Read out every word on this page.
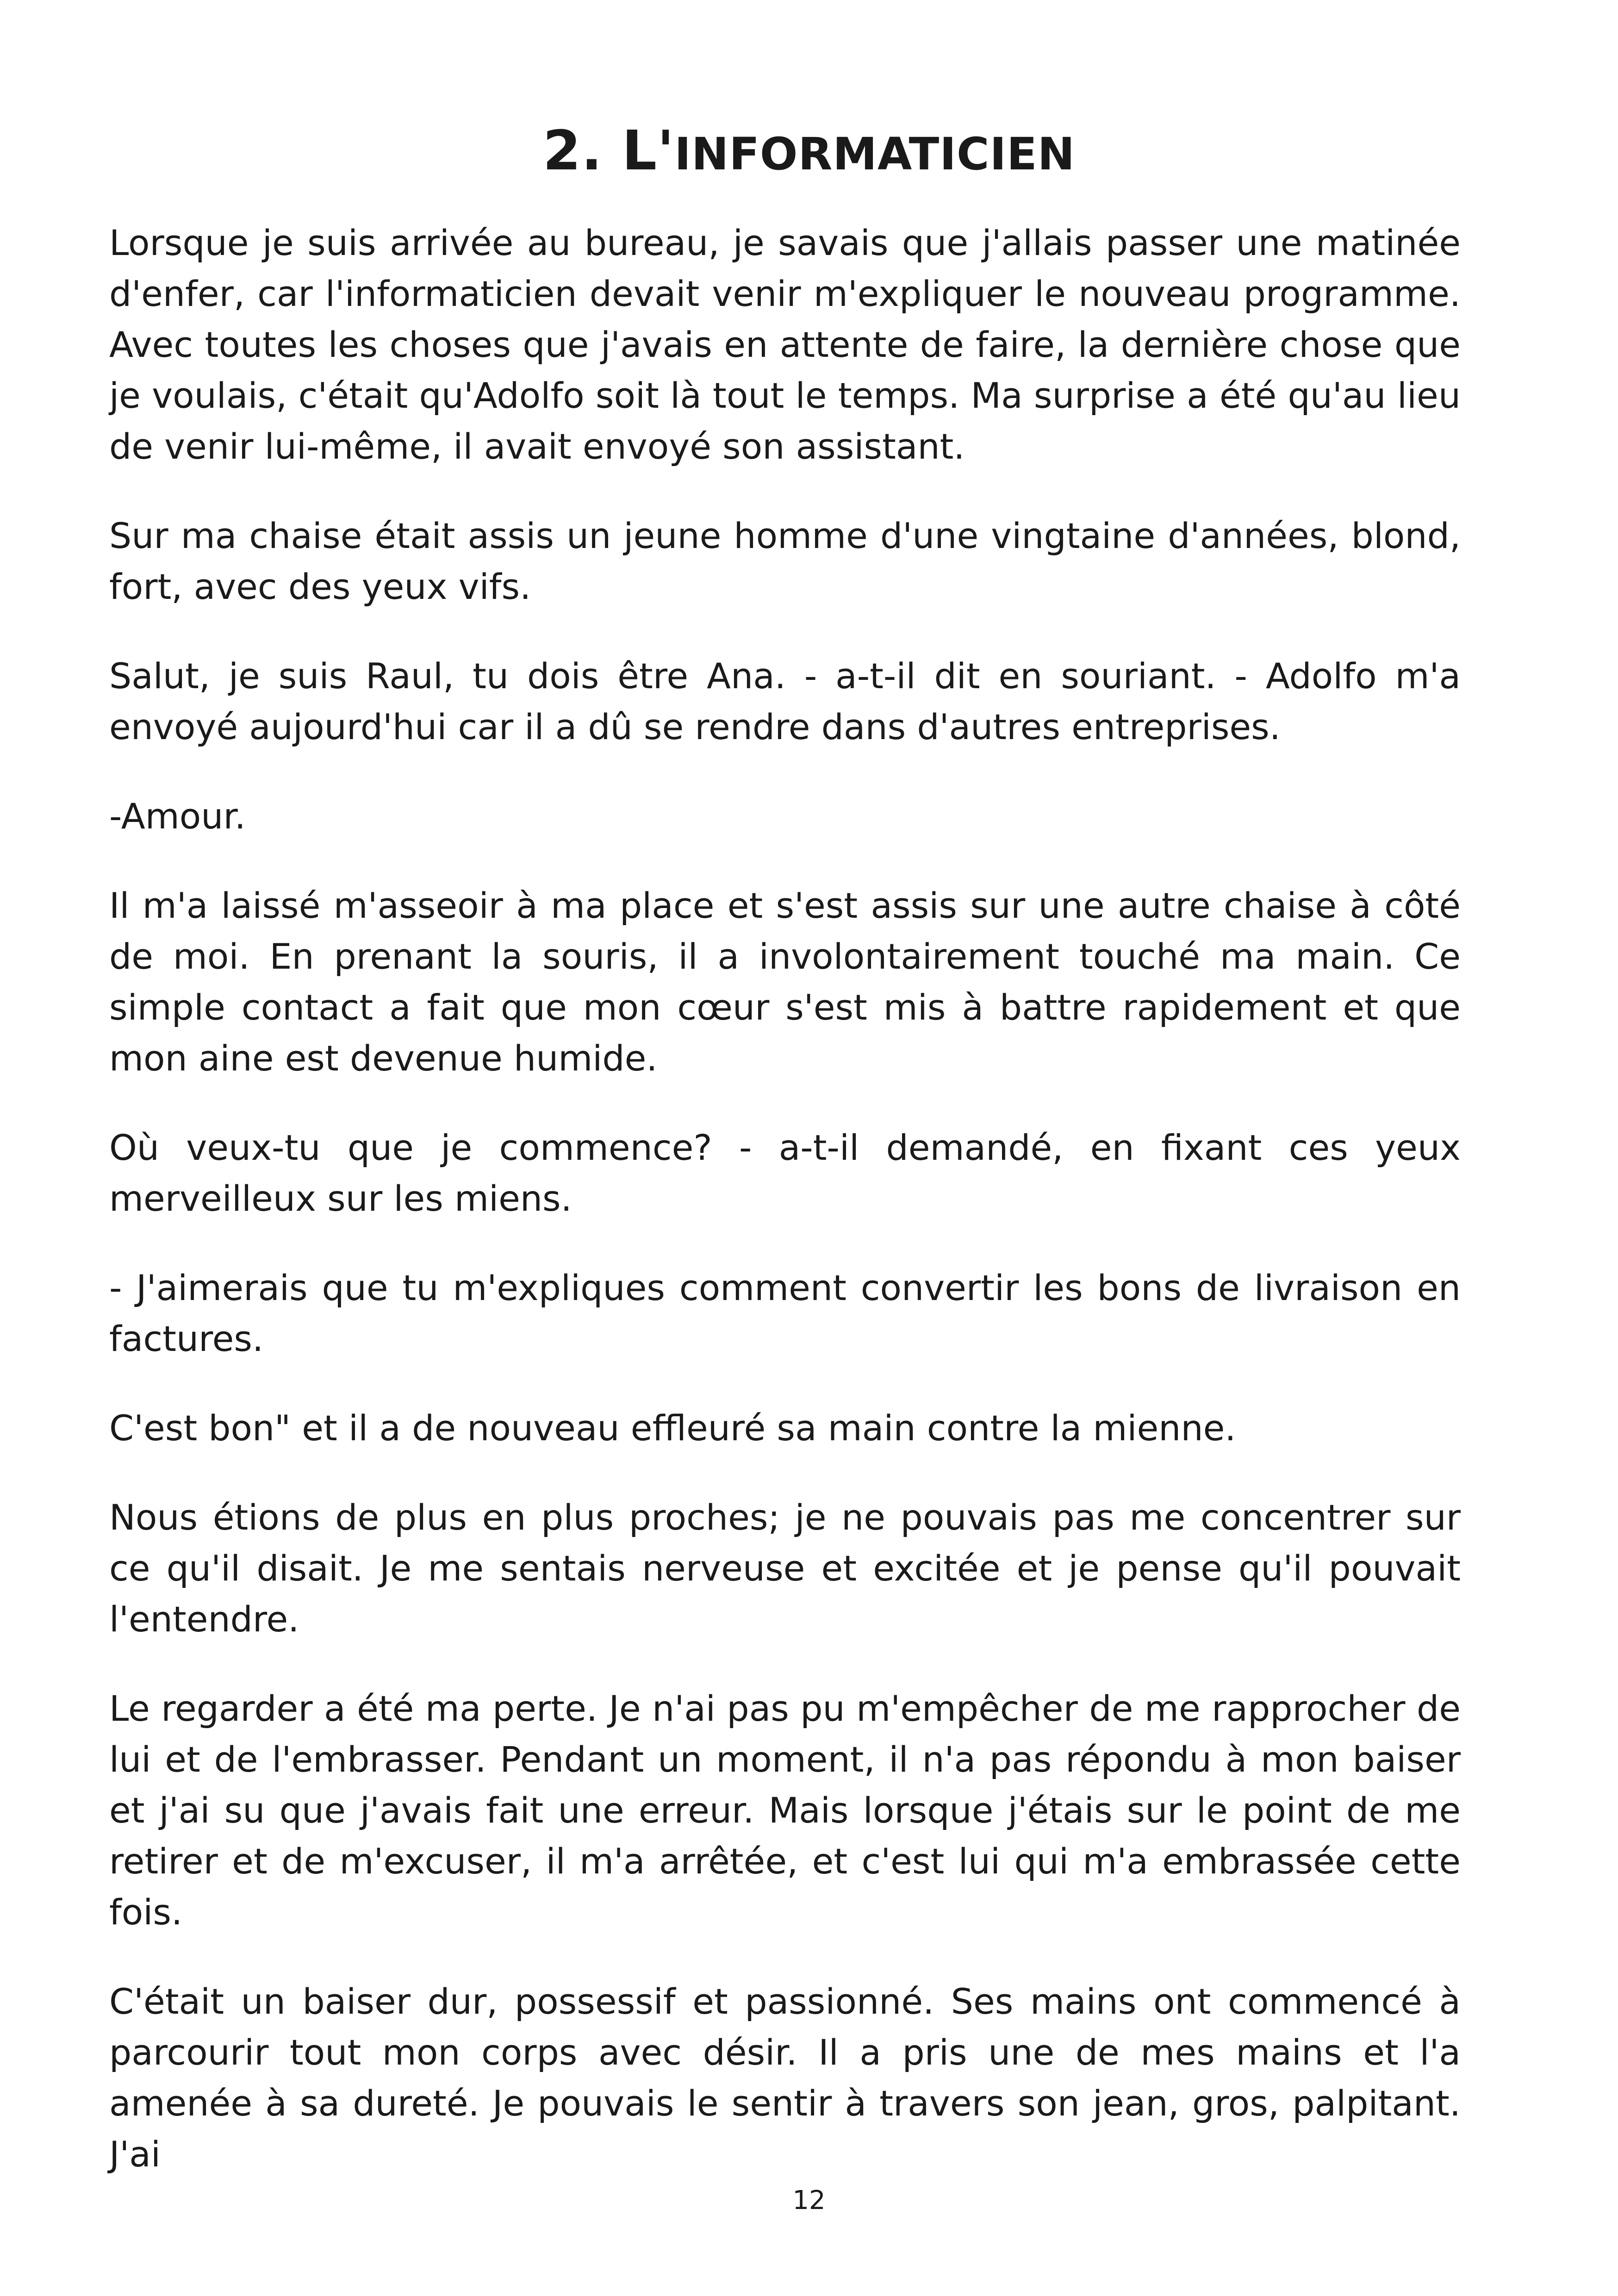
2. L'INFORMATICIEN

Lorsque je suis arrivée au bureau, je savais que j'allais passer une matinée d'enfer, car l'informaticien devait venir m'expliquer le nouveau programme. Avec toutes les choses que j'avais en attente de faire, la dernière chose que je voulais, c'était qu'Adolfo soit là tout le temps. Ma surprise a été qu'au lieu de venir lui-même, il avait envoyé son assistant.

Sur ma chaise était assis un jeune homme d'une vingtaine d'années, blond, fort, avec des yeux vifs.

Salut, je suis Raul, tu dois être Ana. - a-t-il dit en souriant. - Adolfo m'a envoyé aujourd'hui car il a dû se rendre dans d'autres entreprises.

-Amour.

Il m'a laissé m'asseoir à ma place et s'est assis sur une autre chaise à côté de moi. En prenant la souris, il a involontairement touché ma main. Ce simple contact a fait que mon cœur s'est mis à battre rapidement et que mon aine est devenue humide.

Où veux-tu que je commence? - a-t-il demandé, en fixant ces yeux merveilleux sur les miens.

- J'aimerais que tu m'expliques comment convertir les bons de livraison en factures.

C'est bon" et il a de nouveau effleuré sa main contre la mienne.

Nous étions de plus en plus proches; je ne pouvais pas me concentrer sur ce qu'il disait. Je me sentais nerveuse et excitée et je pense qu'il pouvait l'entendre.

Le regarder a été ma perte. Je n'ai pas pu m'empêcher de me rapprocher de lui et de l'embrasser. Pendant un moment, il n'a pas répondu à mon baiser et j'ai su que j'avais fait une erreur. Mais lorsque j'étais sur le point de me retirer et de m'excuser, il m'a arrêtée, et c'est lui qui m'a embrassée cette fois.

C'était un baiser dur, possessif et passionné. Ses mains ont commencé à parcourir tout mon corps avec désir. Il a pris une de mes mains et l'a amenée à sa dureté. Je pouvais le sentir à travers son jean, gros, palpitant. J'ai

12
